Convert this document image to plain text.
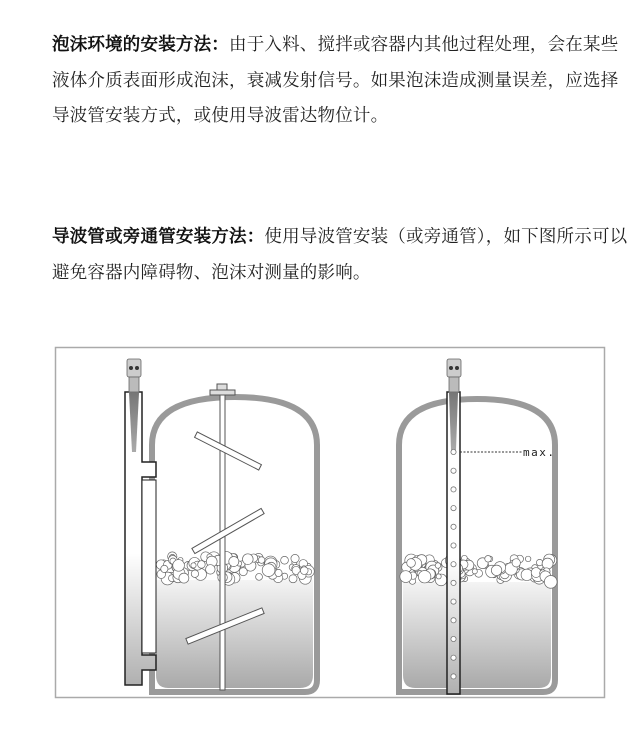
泡沫环境的安装方法：由于入料、搅拌或容器内其他过程处理，会在某些液体介质表面形成泡沫，衰减发射信号。如果泡沫造成测量误差，应选择导波管安装方式，或使用导波雷达物位计。
导波管或旁通管安装方法：使用导波管安装（或旁通管），如下图所示可以避免容器内障碍物、泡沫对测量的影响。
max.
